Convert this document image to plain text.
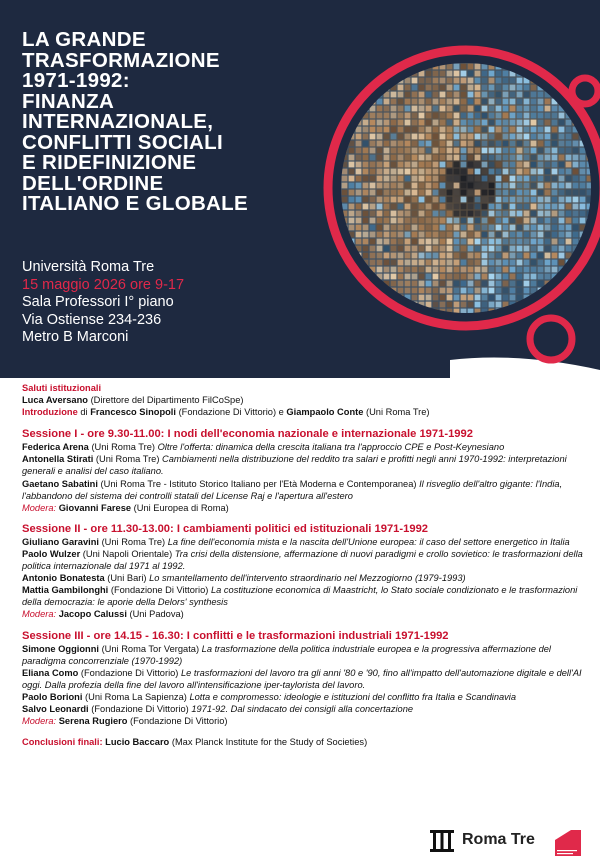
LA GRANDE
TRASFORMAZIONE
1971-1992:
FINANZA
INTERNAZIONALE,
CONFLITTI SOCIALI
E RIDEFINIZIONE
DELL'ORDINE
ITALIANO E GLOBALE
Università Roma Tre
15 maggio 2026 ore 9-17
Sala Professori I° piano
Via Ostiense 234-236
Metro B Marconi

Saluti istituzionali
Luca Aversano (Direttore del Dipartimento FilCoSpe)
Introduzione di Francesco Sinopoli (Fondazione Di Vittorio) e Giampaolo Conte (Uni Roma Tre)

Sessione I - ore 9.30-11.00: I nodi dell'economia nazionale e internazionale 1971-1992

Federica Arena (Uni Roma Tre) Oltre l'offerta: dinamica della crescita italiana tra l'approccio CPE e Post-Keynesiano

Antonella Stirati (Uni Roma Tre) Cambiamenti nella distribuzione del reddito tra salari e profitti negli anni 1970-1992: interpretazioni generali e analisi del caso italiano.

Gaetano Sabatini (Uni Roma Tre - Istituto Storico Italiano per l'Età Moderna e Contemporanea) Il risveglio dell'altro gigante: l'India, l'abbandono del sistema dei controlli statali del License Raj e l'apertura all'estero

Modera: Giovanni Farese (Uni Europea di Roma)

Sessione II - ore 11.30-13.00: I cambiamenti politici ed istituzionali 1971-1992

Giuliano Garavini (Uni Roma Tre) La fine dell'economia mista e la nascita dell'Unione europea: il caso del settore energetico in Italia

Paolo Wulzer (Uni Napoli Orientale) Tra crisi della distensione, affermazione di nuovi paradigmi e crollo sovietico: le trasformazioni della politica internazionale dal 1971 al 1992.

Antonio Bonatesta (Uni Bari) Lo smantellamento dell'intervento straordinario nel Mezzogiorno (1979-1993)

Mattia Gambilonghi (Fondazione Di Vittorio) La costituzione economica di Maastricht, lo Stato sociale condizionato e le trasformazioni della democrazia: le aporie della Delors' synthesis

Modera: Jacopo Calussi (Uni Padova)

Sessione III - ore 14.15 - 16.30: I conflitti e le trasformazioni industriali 1971-1992

Simone Oggionni (Uni Roma Tor Vergata) La trasformazione della politica industriale europea e la progressiva affermazione del paradigma concorrenziale (1970-1992)

Eliana Como (Fondazione Di Vittorio) Le trasformazioni del lavoro tra gli anni '80 e '90, fino all'impatto dell'automazione digitale e dell'AI oggi. Dalla profezia della fine del lavoro all'intensificazione iper-taylorista del lavoro.

Paolo Borioni (Uni Roma La Sapienza) Lotta e compromesso: ideologie e istituzioni del conflitto fra Italia e Scandinavia

Salvo Leonardi (Fondazione Di Vittorio) 1971-92. Dal sindacato dei consigli alla concertazione

Modera: Serena Rugiero (Fondazione Di Vittorio)

Conclusioni finali: Lucio Baccaro (Max Planck Institute for the Study of Societies)

Roma Tre
